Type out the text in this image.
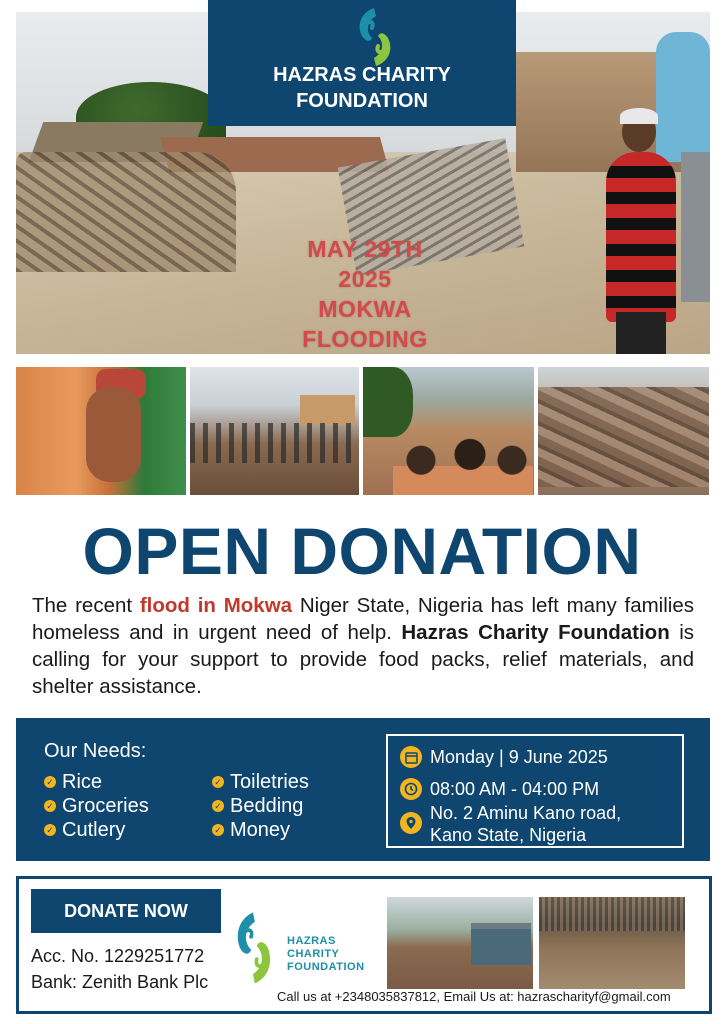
MAY 29TH
2025
MOKWA
FLOODING
HAZRAS CHARITY
FOUNDATION
OPEN DONATION
The recent flood in Mokwa Niger State, Nigeria has left many families homeless and in urgent need of help. Hazras Charity Foundation is calling for your support to provide food packs, relief materials, and shelter assistance.
Our Needs:
✓ Rice
✓ Groceries
✓ Cutlery
✓ Toiletries
✓ Bedding
✓ Money
Monday | 9 June 2025
08:00 AM - 04:00 PM
No. 2 Aminu Kano road,
Kano State, Nigeria
DONATE NOW
Acc. No. 1229251772
Bank: Zenith Bank Plc
HAZRAS
CHARITY
FOUNDATION
Call us at +2348035837812, Email Us at: hazrascharityf@gmail.com
